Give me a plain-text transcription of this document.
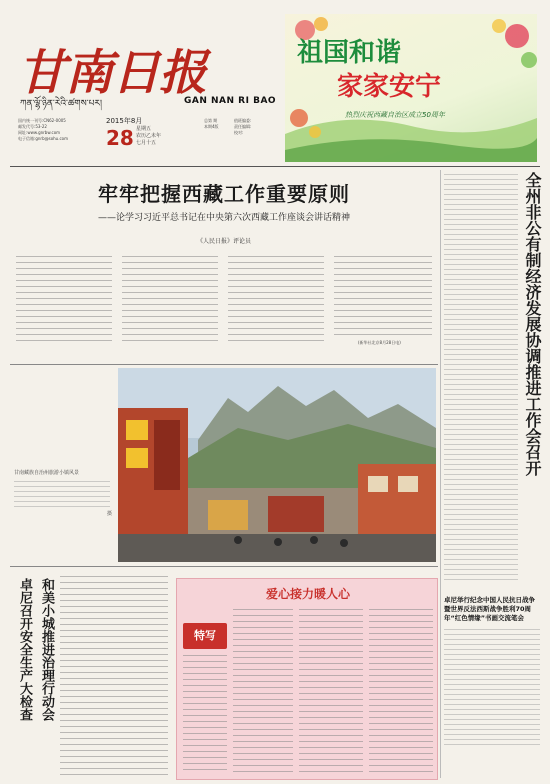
甘南日报
ཀན་ལྷོ་ཉིན་རེའི་ཚགས་པར།	GAN NAN RI BAO
国内统一刊号:CN62-0005
邮发代号:53-22
网址:www.gnrbw.com
电子信箱:gnrb@sohu.com
2015年8月
28 星期五
农历乙未年
七月十五
总第 期
本期4版
值班编委:
责任编辑:
校对:
祖国和谐
家家安宁
热烈庆祝西藏自治区成立50周年
牢牢把握西藏工作重要原则
——论学习习近平总书记在中央第六次西藏工作座谈会讲话精神
《人民日报》评论员
(新华社北京8月28日电)	全州非公有制经济发展协调推进工作会召开
甘南藏族自治州旅游小镇风景
摄
卓尼召开安全生产大检查 和美小城推进治理行动会	爱心接力暖人心
特写
卓尼举行纪念中国人民抗日战争暨世界反法西斯战争胜利70周年“红色情缘”书画交流笔会
